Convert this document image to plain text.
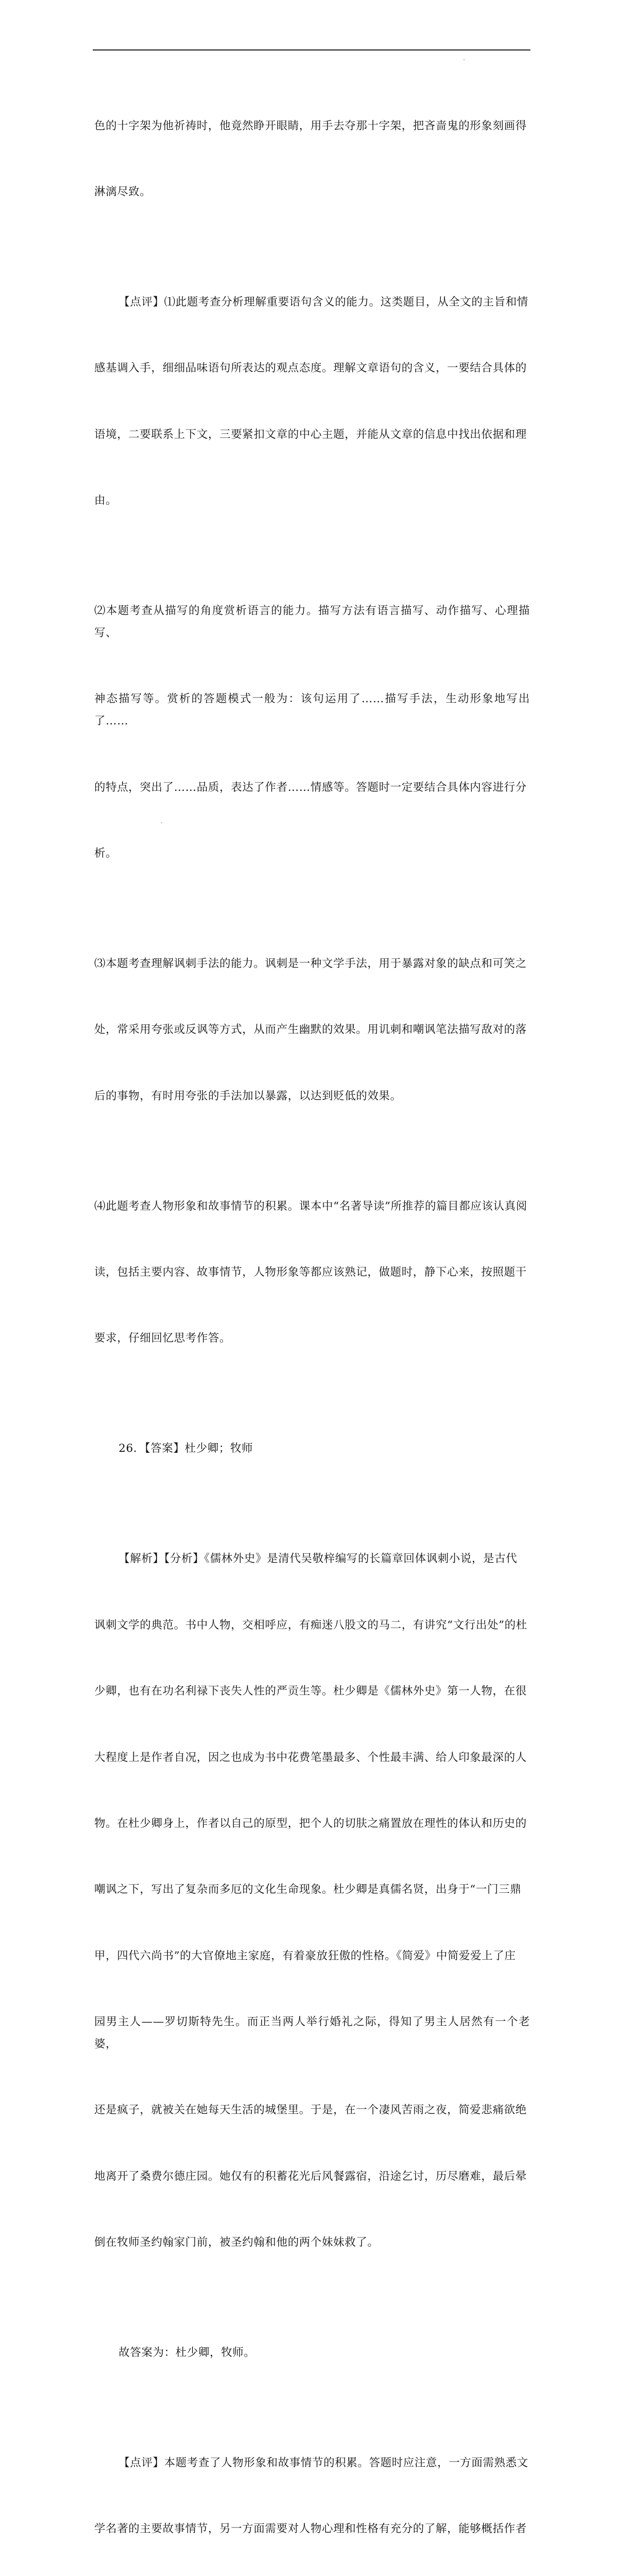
色的十字架为他祈祷时，他竟然睁开眼睛，用手去夺那十字架，把吝啬鬼的形象刻画得

淋漓尽致。

【点评】⑴此题考查分析理解重要语句含义的能力。这类题目，从全文的主旨和情

感基调入手，细细品味语句所表达的观点态度。理解文章语句的含义，一要结合具体的

语境，二要联系上下文，三要紧扣文章的中心主题，并能从文章的信息中找出依据和理

由。

⑵本题考查从描写的角度赏析语言的能力。描写方法有语言描写、动作描写、心理描写、

神态描写等。赏析的答题模式一般为：该句运用了……描写手法，生动形象地写出了……

的特点，突出了……品质，表达了作者……情感等。答题时一定要结合具体内容进行分

析。

⑶本题考查理解讽刺手法的能力。讽刺是一种文学手法，用于暴露对象的缺点和可笑之

处，常采用夸张或反讽等方式，从而产生幽默的效果。用讥刺和嘲讽笔法描写敌对的落

后的事物，有时用夸张的手法加以暴露，以达到贬低的效果。

⑷此题考查人物形象和故事情节的积累。课本中“名著导读”所推荐的篇目都应该认真阅

读，包括主要内容、故事情节，人物形象等都应该熟记，做题时，静下心来，按照题干

要求，仔细回忆思考作答。

26．【答案】杜少卿；牧师

【解析】【分析】《儒林外史》是清代吴敬梓编写的长篇章回体讽刺小说，是古代

讽刺文学的典范。书中人物，交相呼应，有痴迷八股文的马二，有讲究“文行出处”的杜

少卿，也有在功名利禄下丧失人性的严贡生等。杜少卿是《儒林外史》第一人物，在很

大程度上是作者自况，因之也成为书中花费笔墨最多、个性最丰满、给人印象最深的人

物。在杜少卿身上，作者以自己的原型，把个人的切肤之痛置放在理性的体认和历史的

嘲讽之下，写出了复杂而多厄的文化生命现象。杜少卿是真儒名贤，出身于“一门三鼎

甲，四代六尚书”的大官僚地主家庭，有着豪放狂傲的性格。《简爱》中简爱爱上了庄

园男主人——罗切斯特先生。而正当两人举行婚礼之际，得知了男主人居然有一个老婆，

还是疯子，就被关在她每天生活的城堡里。于是，在一个凄风苦雨之夜，简爱悲痛欲绝

地离开了桑费尔德庄园。她仅有的积蓄花光后风餐露宿，沿途乞讨，历尽磨难，最后晕

倒在牧师圣约翰家门前，被圣约翰和他的两个妹妹救了。

故答案为：杜少卿，牧师。

【点评】本题考查了人物形象和故事情节的积累。答题时应注意，一方面需熟悉文

学名著的主要故事情节，另一方面需要对人物心理和性格有充分的了解，能够概括作者
